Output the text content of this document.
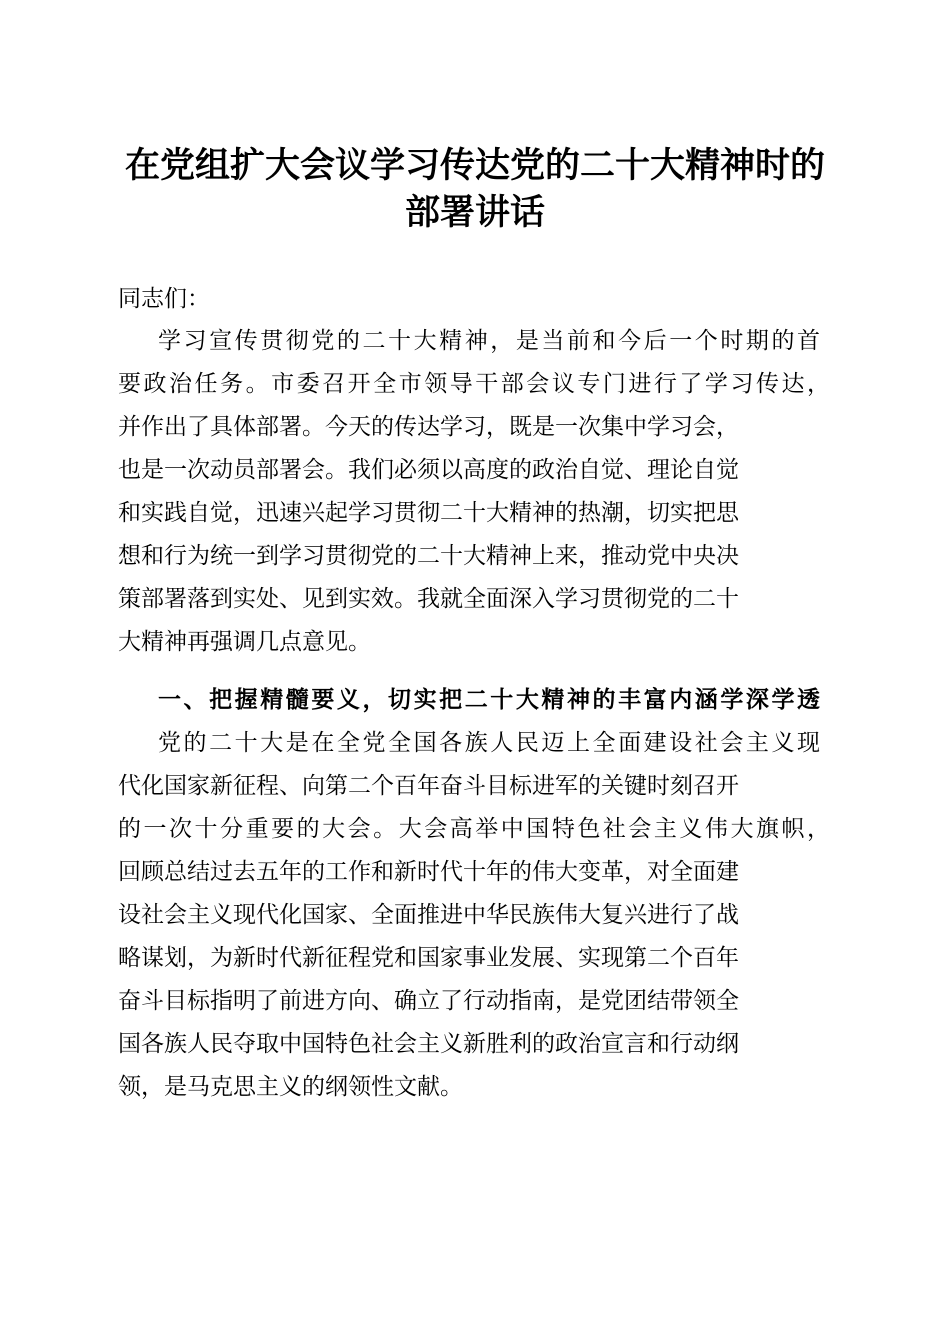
在党组扩大会议学习传达党的二十大精神时的
部署讲话
同志们：
学习宣传贯彻党的二十大精神，是当前和今后一个时期的首
要政治任务。市委召开全市领导干部会议专门进行了学习传达，
并作出了具体部署。今天的传达学习，既是一次集中学习会，
也是一次动员部署会。我们必须以高度的政治自觉、理论自觉
和实践自觉，迅速兴起学习贯彻二十大精神的热潮，切实把思
想和行为统一到学习贯彻党的二十大精神上来，推动党中央决
策部署落到实处、见到实效。我就全面深入学习贯彻党的二十
大精神再强调几点意见。
一、把握精髓要义，切实把二十大精神的丰富内涵学深学透
党的二十大是在全党全国各族人民迈上全面建设社会主义现
代化国家新征程、向第二个百年奋斗目标进军的关键时刻召开
的一次十分重要的大会。大会高举中国特色社会主义伟大旗帜，
回顾总结过去五年的工作和新时代十年的伟大变革，对全面建
设社会主义现代化国家、全面推进中华民族伟大复兴进行了战
略谋划，为新时代新征程党和国家事业发展、实现第二个百年
奋斗目标指明了前进方向、确立了行动指南，是党团结带领全
国各族人民夺取中国特色社会主义新胜利的政治宣言和行动纲
领，是马克思主义的纲领性文献。
